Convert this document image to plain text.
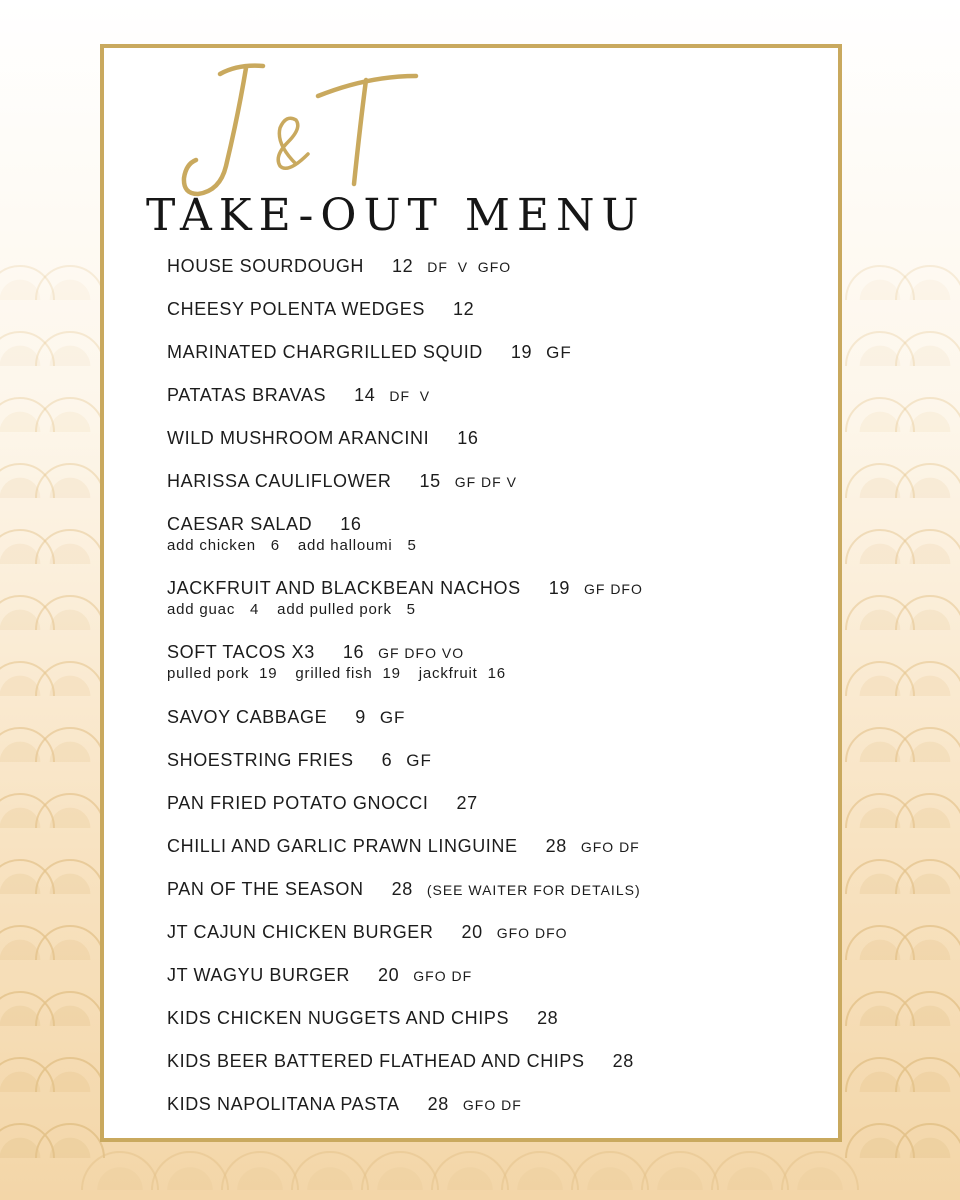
TAKE-OUT MENU
HOUSE SOURDOUGH 12 DF  V  GFO
CHEESY POLENTA WEDGES 12
MARINATED CHARGRILLED SQUID 19 GF
PATATAS BRAVAS 14 DF  V
WILD MUSHROOM ARANCINI 16
HARISSA CAULIFLOWER 15 GF DF V
CAESAR SALAD 16
add chicken   6 add halloumi   5
JACKFRUIT AND BLACKBEAN NACHOS 19 GF DFO
add guac   4 add pulled pork   5
SOFT TACOS X3 16 GF DFO VO
pulled pork  19 grilled fish  19 jackfruit  16
SAVOY CABBAGE 9 GF
SHOESTRING FRIES 6 GF
PAN FRIED POTATO GNOCCI 27
CHILLI AND GARLIC PRAWN LINGUINE 28 GFO DF
PAN OF THE SEASON 28 (SEE WAITER FOR DETAILS)
JT CAJUN CHICKEN BURGER 20 GFO DFO
JT WAGYU BURGER 20 GFO DF
KIDS CHICKEN NUGGETS AND CHIPS 28
KIDS BEER BATTERED FLATHEAD AND CHIPS 28
KIDS NAPOLITANA PASTA 28 GFO DF
